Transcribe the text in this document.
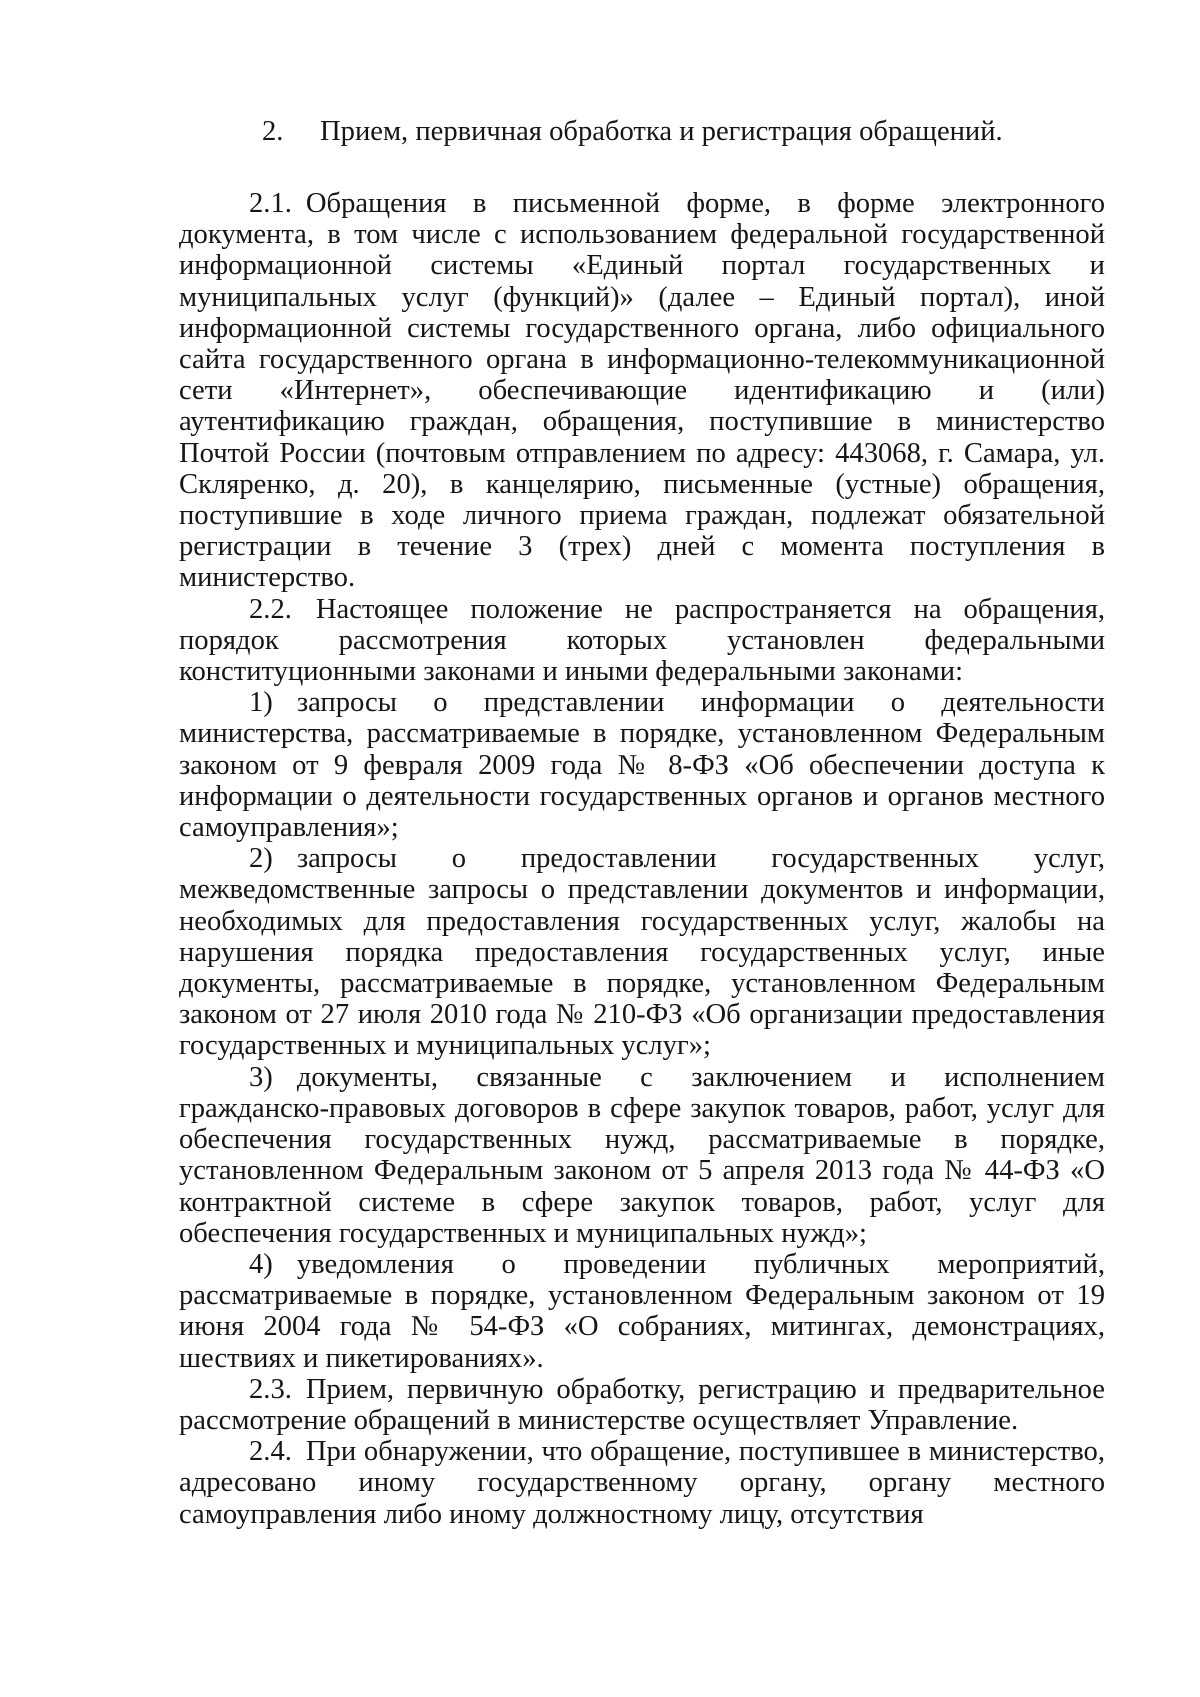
2. Прием, первичная обработка и регистрация обращений.

2.1. Обращения в письменной форме, в форме электронного документа, в том числе с использованием федеральной государственной информационной системы «Единый портал государственных и муниципальных услуг (функций)» (далее – Единый портал), иной информационной системы государственного органа, либо официального сайта государственного органа в информационно-телекоммуникационной сети «Интернет», обеспечивающие идентификацию и (или) аутентификацию граждан, обращения, поступившие в министерство Почтой России (почтовым отправлением по адресу: 443068, г. Самара, ул. Скляренко, д. 20), в канцелярию, письменные (устные) обращения, поступившие в ходе личного приема граждан, подлежат обязательной регистрации в течение 3 (трех) дней с момента поступления в министерство.

2.2. Настоящее положение не распространяется на обращения, порядок рассмотрения которых установлен федеральными конституционными законами и иными федеральными законами:

1) запросы о представлении информации о деятельности министерства, рассматриваемые в порядке, установленном Федеральным законом от 9 февраля 2009 года № 8-ФЗ «Об обеспечении доступа к информации о деятельности государственных органов и органов местного самоуправления»;

2) запросы о предоставлении государственных услуг, межведомственные запросы о представлении документов и информации, необходимых для предоставления государственных услуг, жалобы на нарушения порядка предоставления государственных услуг, иные документы, рассматриваемые в порядке, установленном Федеральным законом от 27 июля 2010 года № 210-ФЗ «Об организации предоставления государственных и муниципальных услуг»;

3) документы, связанные с заключением и исполнением гражданско-правовых договоров в сфере закупок товаров, работ, услуг для обеспечения государственных нужд, рассматриваемые в порядке, установленном Федеральным законом от 5 апреля 2013 года № 44-ФЗ «О контрактной системе в сфере закупок товаров, работ, услуг для обеспечения государственных и муниципальных нужд»;

4) уведомления о проведении публичных мероприятий, рассматриваемые в порядке, установленном Федеральным законом от 19 июня 2004 года № 54-ФЗ «О собраниях, митингах, демонстрациях, шествиях и пикетированиях».

2.3. Прием, первичную обработку, регистрацию и предварительное рассмотрение обращений в министерстве осуществляет Управление.

2.4. При обнаружении, что обращение, поступившее в министерство, адресовано иному государственному органу, органу местного самоуправления либо иному должностному лицу, отсутствия
